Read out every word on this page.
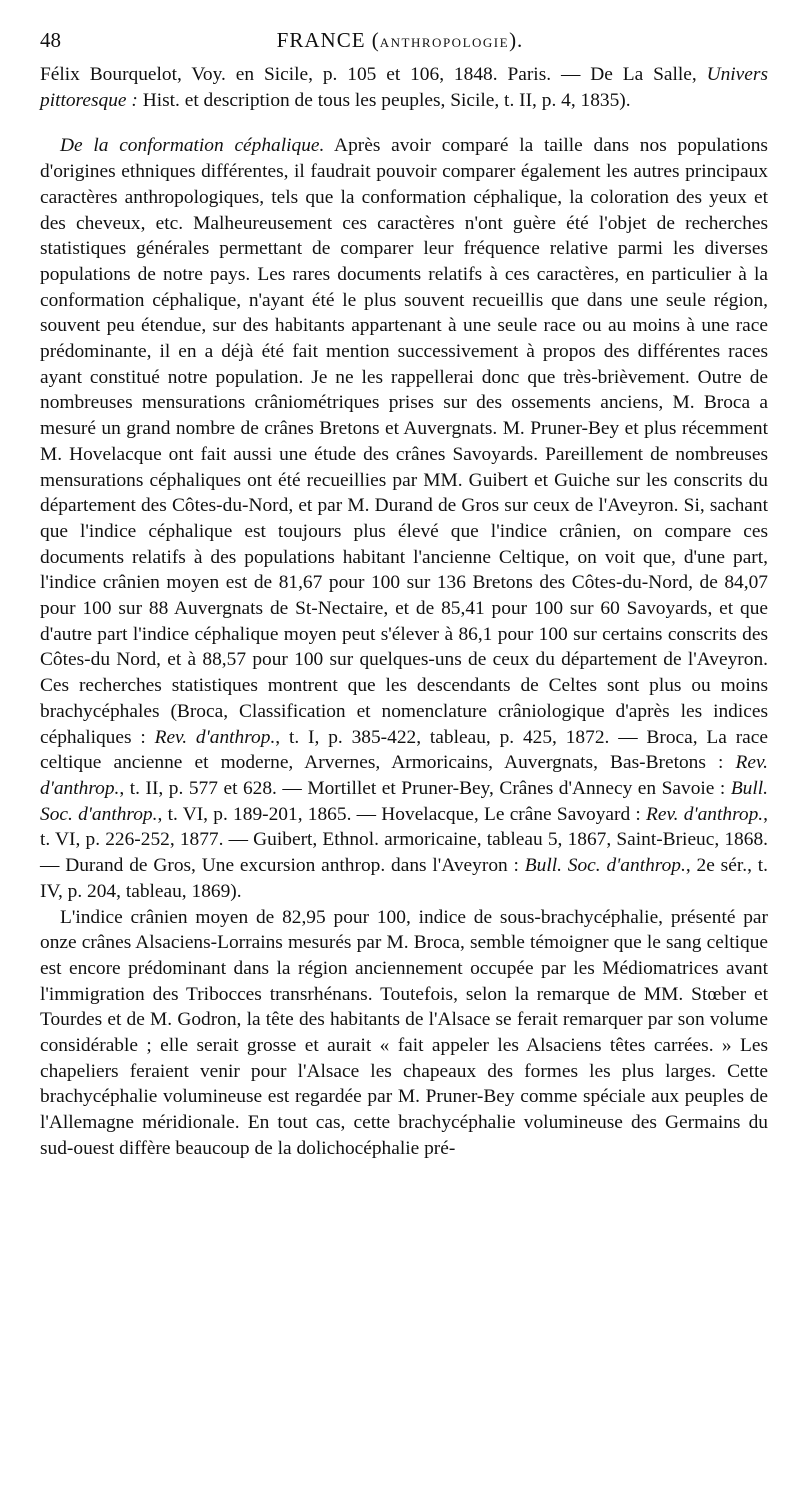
48	FRANCE (ANTHROPOLOGIE).

Félix Bourquelot, Voy. en Sicile, p. 105 et 106, 1848. Paris. — De La Salle, Univers pittoresque : Hist. et description de tous les peuples, Sicile, t. II, p. 4, 1835).

De la conformation céphalique. Après avoir comparé la taille dans nos populations d'origines ethniques différentes, il faudrait pouvoir comparer également les autres principaux caractères anthropologiques, tels que la conformation céphalique, la coloration des yeux et des cheveux, etc. Malheureusement ces caractères n'ont guère été l'objet de recherches statistiques générales permettant de comparer leur fréquence relative parmi les diverses populations de notre pays. Les rares documents relatifs à ces caractères, en particulier à la conformation céphalique, n'ayant été le plus souvent recueillis que dans une seule région, souvent peu étendue, sur des habitants appartenant à une seule race ou au moins à une race prédominante, il en a déjà été fait mention successivement à propos des différentes races ayant constitué notre population. Je ne les rappellerai donc que très-brièvement. Outre de nombreuses mensurations crâniométriques prises sur des ossements anciens, M. Broca a mesuré un grand nombre de crânes Bretons et Auvergnats. M. Pruner-Bey et plus récemment M. Hovelacque ont fait aussi une étude des crânes Savoyards. Pareillement de nombreuses mensurations céphaliques ont été recueillies par MM. Guibert et Guiche sur les conscrits du département des Côtes-du-Nord, et par M. Durand de Gros sur ceux de l'Aveyron. Si, sachant que l'indice céphalique est toujours plus élevé que l'indice crânien, on compare ces documents relatifs à des populations habitant l'ancienne Celtique, on voit que, d'une part, l'indice crânien moyen est de 81,67 pour 100 sur 136 Bretons des Côtes-du-Nord, de 84,07 pour 100 sur 88 Auvergnats de St-Nectaire, et de 85,41 pour 100 sur 60 Savoyards, et que d'autre part l'indice céphalique moyen peut s'élever à 86,1 pour 100 sur certains conscrits des Côtes-du Nord, et à 88,57 pour 100 sur quelques-uns de ceux du département de l'Aveyron. Ces recherches statistiques montrent que les descendants de Celtes sont plus ou moins brachycéphales (Broca, Classification et nomenclature crâniologique d'après les indices céphaliques : Rev. d'anthrop., t. I, p. 385-422, tableau, p. 425, 1872. — Broca, La race celtique ancienne et moderne, Arvernes, Armoricains, Auvergnats, Bas-Bretons : Rev. d'anthrop., t. II, p. 577 et 628. — Mortillet et Pruner-Bey, Crânes d'Annecy en Savoie : Bull. Soc. d'anthrop., t. VI, p. 189-201, 1865. — Hovelacque, Le crâne Savoyard : Rev. d'anthrop., t. VI, p. 226-252, 1877. — Guibert, Ethnol. armoricaine, tableau 5, 1867, Saint-Brieuc, 1868. — Durand de Gros, Une excursion anthrop. dans l'Aveyron : Bull. Soc. d'anthrop., 2e sér., t. IV, p. 204, tableau, 1869).

L'indice crânien moyen de 82,95 pour 100, indice de sous-brachycéphalie, présenté par onze crânes Alsaciens-Lorrains mesurés par M. Broca, semble témoigner que le sang celtique est encore prédominant dans la région anciennement occupée par les Médiomatrices avant l'immigration des Tribocces transrhénans. Toutefois, selon la remarque de MM. Stœber et Tourdes et de M. Godron, la tête des habitants de l'Alsace se ferait remarquer par son volume considérable ; elle serait grosse et aurait « fait appeler les Alsaciens têtes carrées. » Les chapeliers feraient venir pour l'Alsace les chapeaux des formes les plus larges. Cette brachycéphalie volumineuse est regardée par M. Pruner-Bey comme spéciale aux peuples de l'Allemagne méridionale. En tout cas, cette brachycéphalie volumineuse des Germains du sud-ouest diffère beaucoup de la dolichocéphalie pré-
